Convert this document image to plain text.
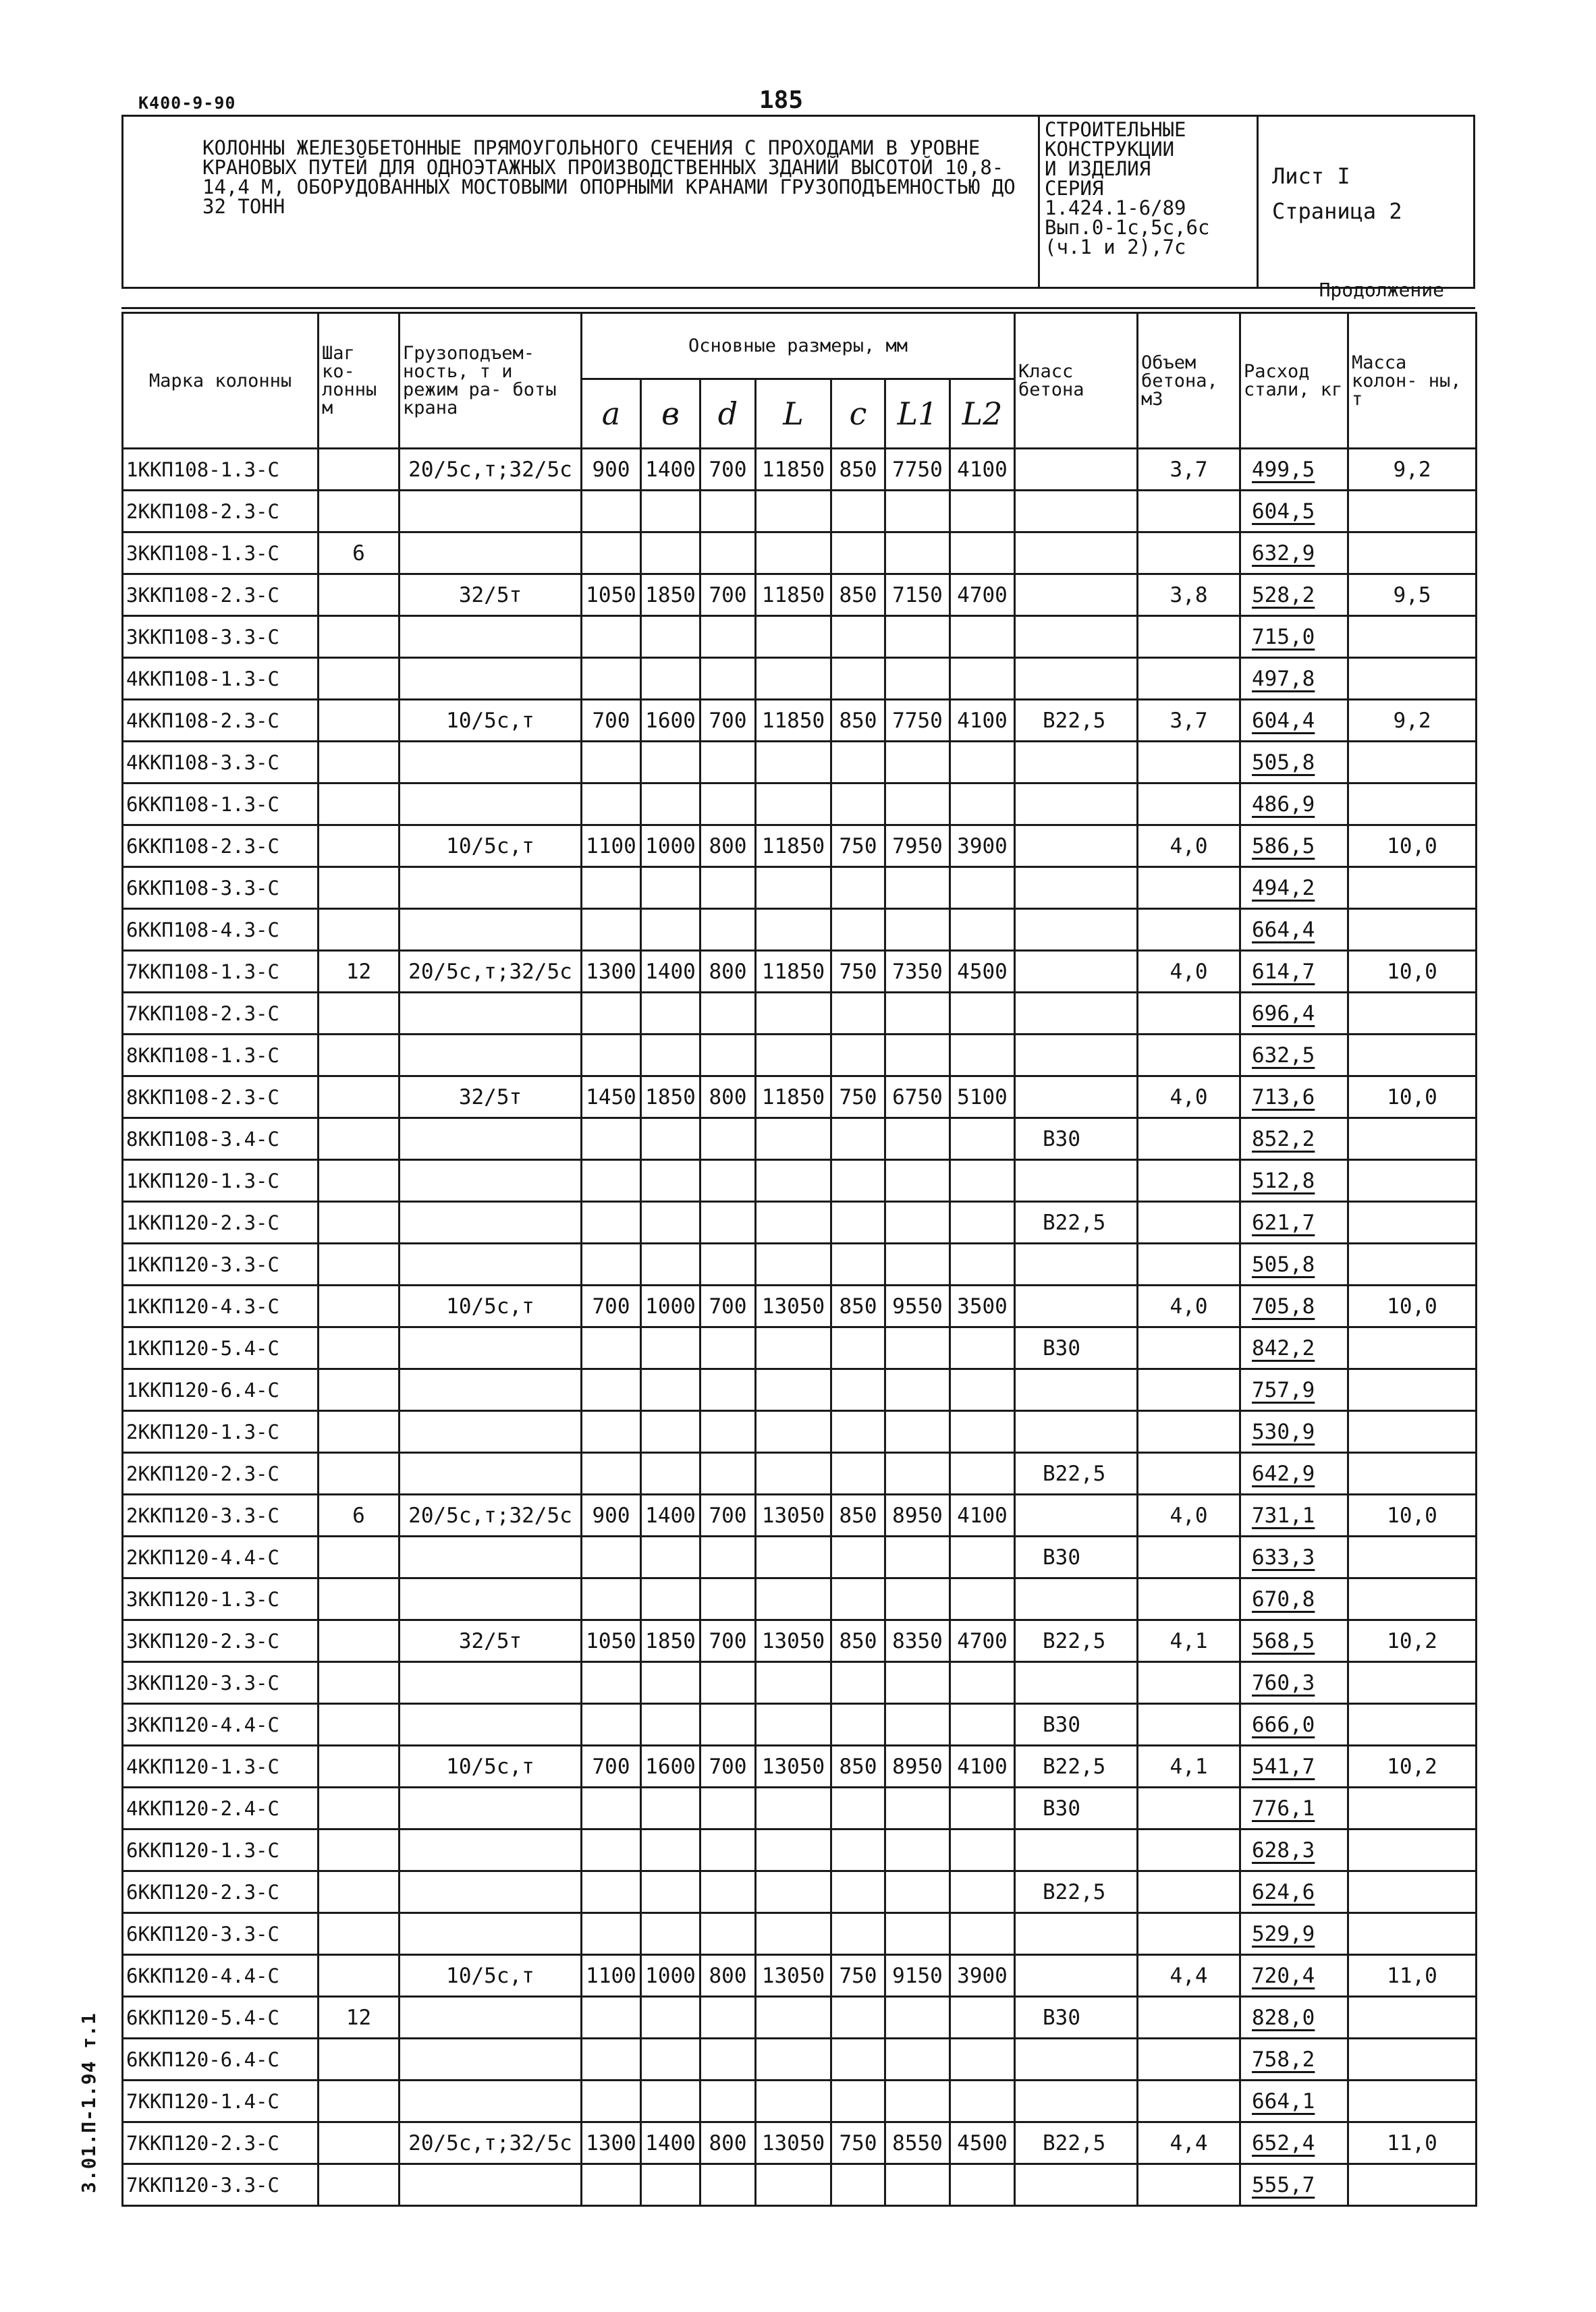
К400-9-90	185
КОЛОННЫ ЖЕЛЕЗОБЕТОННЫЕ ПРЯМОУГОЛЬНОГО СЕЧЕНИЯ С ПРОХОДАМИ В УРОВНЕ КРАНОВЫХ ПУТЕЙ ДЛЯ ОДНОЭТАЖНЫХ ПРОИЗВОДСТВЕННЫХ ЗДАНИЙ ВЫСОТОЙ 10,8- 14,4 М, ОБОРУДОВАННЫХ МОСТОВЫМИ ОПОРНЫМИ КРАНАМИ ГРУЗОПОДЪЕМНОСТЬЮ ДО 32 ТОНН
СТРОИТЕЛЬНЫЕ
КОНСТРУКЦИИ
И ИЗДЕЛИЯ
СЕРИЯ
1.424.1-6/89
Вып.0-1с,5с,6с
(ч.1 и 2),7с
Лист I
Страница 2
Продолжение
Марка колонны	Шаг ко- лонны м	Грузоподъем- ность, т и режим ра- боты крана	Основные размеры, мм							Класс бетона	Объем бетона, м3	Расход стали, кг	Масса колон- ны, т
			a	в	d	L	c	L1	L2				
1ККП108-1.3-С		20/5с,т;32/5с	900	1400	700	11850	850	7750	4100		3,7	499,5	9,2
2ККП108-2.3-С												604,5	
3ККП108-1.3-С	6											632,9	
3ККП108-2.3-С		32/5т	1050	1850	700	11850	850	7150	4700		3,8	528,2	9,5
3ККП108-3.3-С												715,0	
4ККП108-1.3-С												497,8	
4ККП108-2.3-С		10/5с,т	700	1600	700	11850	850	7750	4100	В22,5	3,7	604,4	9,2
4ККП108-3.3-С												505,8	
6ККП108-1.3-С												486,9	
6ККП108-2.3-С		10/5с,т	1100	1000	800	11850	750	7950	3900		4,0	586,5	10,0
6ККП108-3.3-С												494,2	
6ККП108-4.3-С												664,4	
7ККП108-1.3-С	12	20/5с,т;32/5с	1300	1400	800	11850	750	7350	4500		4,0	614,7	10,0
7ККП108-2.3-С												696,4	
8ККП108-1.3-С												632,5	
8ККП108-2.3-С		32/5т	1450	1850	800	11850	750	6750	5100		4,0	713,6	10,0
8ККП108-3.4-С										В30		852,2	
1ККП120-1.3-С												512,8	
1ККП120-2.3-С										В22,5		621,7	
1ККП120-3.3-С												505,8	
1ККП120-4.3-С		10/5с,т	700	1000	700	13050	850	9550	3500		4,0	705,8	10,0
1ККП120-5.4-С										В30		842,2	
1ККП120-6.4-С												757,9	
2ККП120-1.3-С												530,9	
2ККП120-2.3-С										В22,5		642,9	
2ККП120-3.3-С	6	20/5с,т;32/5с	900	1400	700	13050	850	8950	4100		4,0	731,1	10,0
2ККП120-4.4-С										В30		633,3	
3ККП120-1.3-С												670,8	
3ККП120-2.3-С		32/5т	1050	1850	700	13050	850	8350	4700	В22,5	4,1	568,5	10,2
3ККП120-3.3-С												760,3	
3ККП120-4.4-С										В30		666,0	
4ККП120-1.3-С		10/5с,т	700	1600	700	13050	850	8950	4100	В22,5	4,1	541,7	10,2
4ККП120-2.4-С										В30		776,1	
6ККП120-1.3-С												628,3	
6ККП120-2.3-С										В22,5		624,6	
6ККП120-3.3-С												529,9	
6ККП120-4.4-С		10/5с,т	1100	1000	800	13050	750	9150	3900		4,4	720,4	11,0
6ККП120-5.4-С	12									В30		828,0	
6ККП120-6.4-С												758,2	
7ККП120-1.4-С												664,1	
7ККП120-2.3-С		20/5с,т;32/5с	1300	1400	800	13050	750	8550	4500	В22,5	4,4	652,4	11,0
7ККП120-3.3-С												555,7	
3.01.П-1.94 т.1
